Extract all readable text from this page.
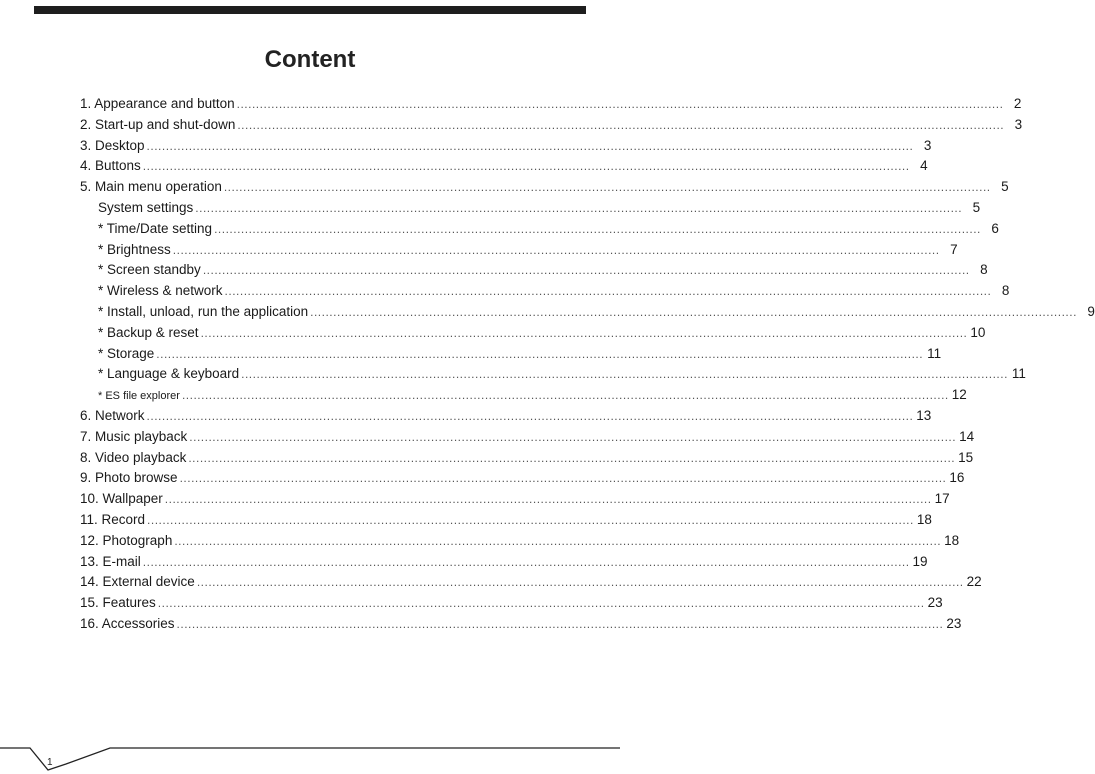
Content
1. Appearance and button ........................................................................................................................................................................................................ 2
2. Start-up and shut-down ........................................................................................................................................................................................................ 3
3. Desktop ........................................................................................................................................................................................................ 3
4. Buttons ........................................................................................................................................................................................................ 4
5. Main menu operation ........................................................................................................................................................................................................ 5
System settings ........................................................................................................................................................................................................ 5
* Time/Date setting ........................................................................................................................................................................................................ 6
* Brightness ........................................................................................................................................................................................................ 7
* Screen standby ........................................................................................................................................................................................................ 8
* Wireless & network ........................................................................................................................................................................................................ 8
* Install, unload, run the application ........................................................................................................................................................................................................ 9
* Backup & reset ........................................................................................................................................................................................................ 10
* Storage ........................................................................................................................................................................................................ 11
* Language & keyboard ........................................................................................................................................................................................................ 11
* ES file explorer ........................................................................................................................................................................................................ 12
6. Network ........................................................................................................................................................................................................ 13
7. Music playback ........................................................................................................................................................................................................ 14
8. Video playback ........................................................................................................................................................................................................ 15
9. Photo browse ........................................................................................................................................................................................................ 16
10. Wallpaper ........................................................................................................................................................................................................ 17
11. Record ........................................................................................................................................................................................................ 18
12. Photograph ........................................................................................................................................................................................................ 18
13. E-mail ........................................................................................................................................................................................................ 19
14. External device ........................................................................................................................................................................................................ 22
15. Features ........................................................................................................................................................................................................ 23
16. Accessories ........................................................................................................................................................................................................ 23
1
